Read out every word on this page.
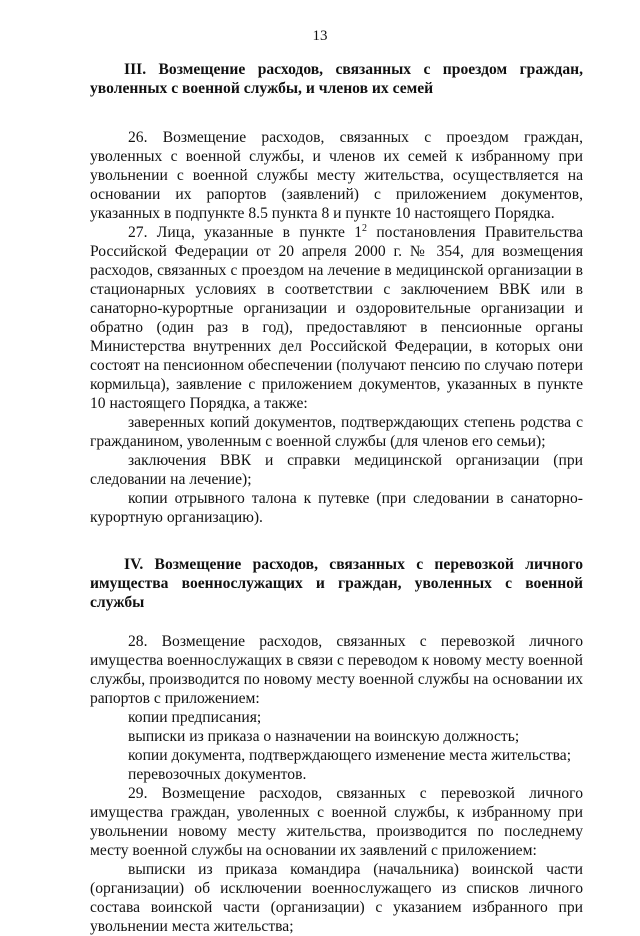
13

III. Возмещение расходов, связанных с проездом граждан, уволенных с военной службы, и членов их семей

26. Возмещение расходов, связанных с проездом граждан, уволенных с военной службы, и членов их семей к избранному при увольнении с военной службы месту жительства, осуществляется на основании их рапортов (заявлений) с приложением документов, указанных в подпункте 8.5 пункта 8 и пункте 10 настоящего Порядка.

27. Лица, указанные в пункте $1^2$ постановления Правительства Российской Федерации от 20 апреля 2000 г. № 354, для возмещения расходов, связанных с проездом на лечение в медицинской организации в стационарных условиях в соответствии с заключением ВВК или в санаторно-курортные организации и оздоровительные организации и обратно (один раз в год), предоставляют в пенсионные органы Министерства внутренних дел Российской Федерации, в которых они состоят на пенсионном обеспечении (получают пенсию по случаю потери кормильца), заявление с приложением документов, указанных в пункте 10 настоящего Порядка, а также:

заверенных копий документов, подтверждающих степень родства с гражданином, уволенным с военной службы (для членов его семьи);

заключения ВВК и справки медицинской организации (при следовании на лечение);

копии отрывного талона к путевке (при следовании в санаторно-курортную организацию).

IV. Возмещение расходов, связанных с перевозкой личного имущества военнослужащих и граждан, уволенных с военной службы

28. Возмещение расходов, связанных с перевозкой личного имущества военнослужащих в связи с переводом к новому месту военной службы, производится по новому месту военной службы на основании их рапортов с приложением:

копии предписания;

выписки из приказа о назначении на воинскую должность;

копии документа, подтверждающего изменение места жительства;

перевозочных документов.

29. Возмещение расходов, связанных с перевозкой личного имущества граждан, уволенных с военной службы, к избранному при увольнении новому месту жительства, производится по последнему месту военной службы на основании их заявлений с приложением:

выписки из приказа командира (начальника) воинской части (организации) об исключении военнослужащего из списков личного состава воинской части (организации) с указанием избранного при увольнении места жительства;
